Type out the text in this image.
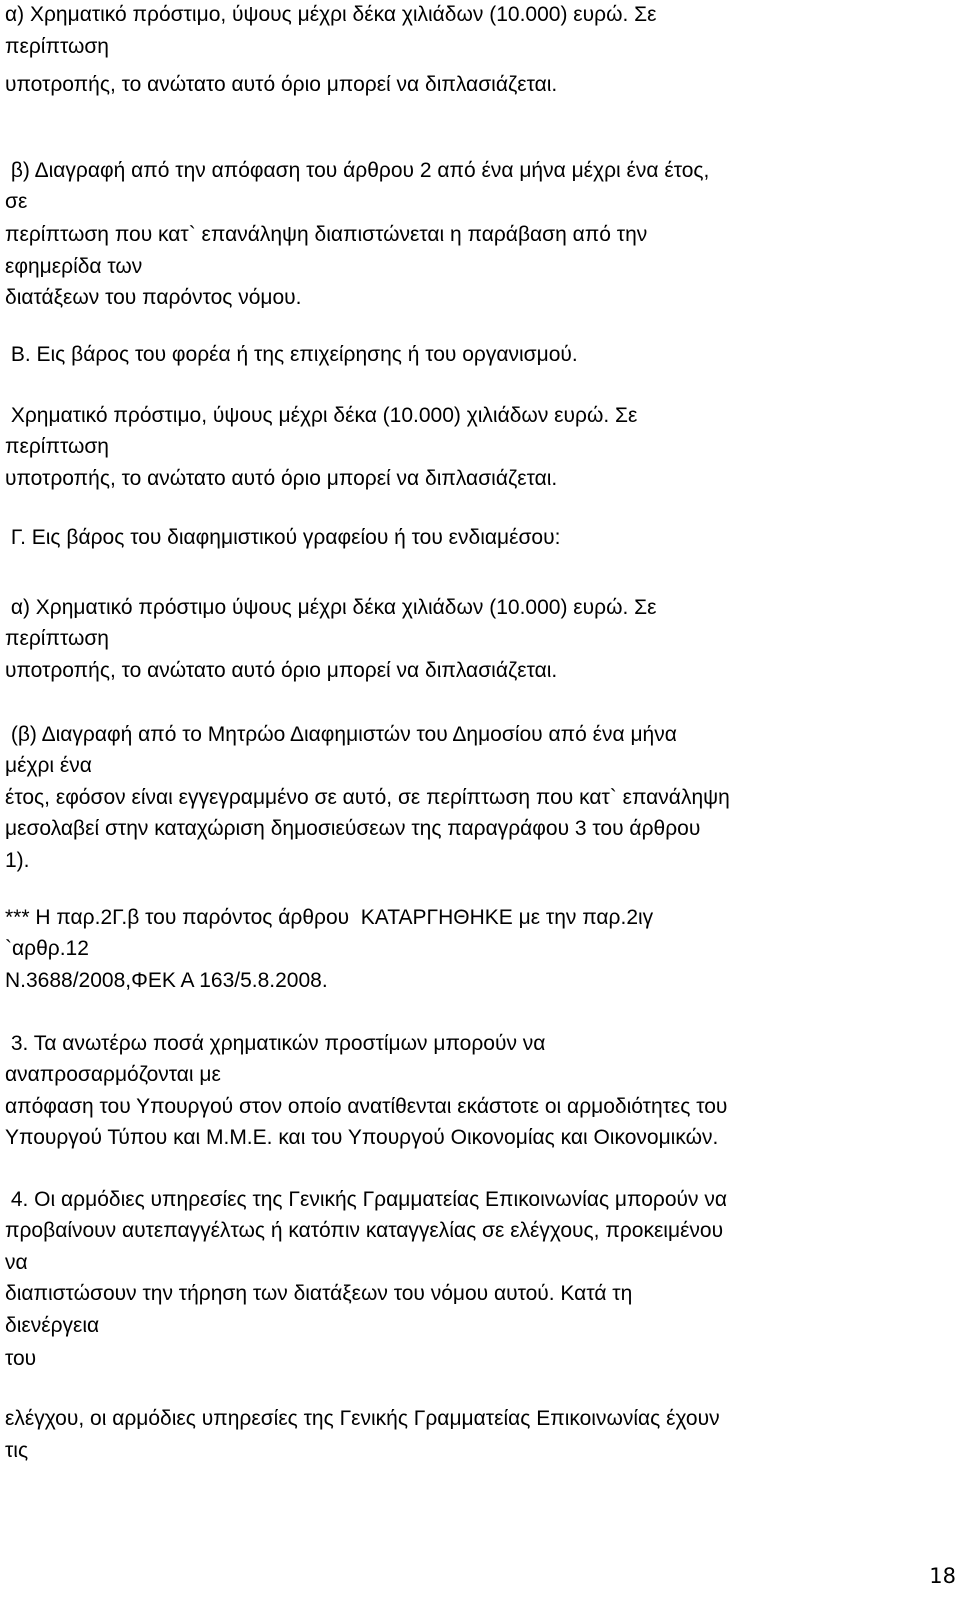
α) Χρηματικό πρόστιμο, ύψους μέχρι δέκα χιλιάδων (10.000) ευρώ. Σε

περίπτωση

υποτροπής, το ανώτατο αυτό όριο μπορεί να διπλασιάζεται.

β) Διαγραφή από την απόφαση του άρθρου 2 από ένα μήνα μέχρι ένα έτος,

σε

περίπτωση που κατ` επανάληψη διαπιστώνεται η παράβαση από την

εφημερίδα των

διατάξεων του παρόντος νόμου.

Β. Εις βάρος του φορέα ή της επιχείρησης ή του οργανισμού.

Χρηματικό πρόστιμο, ύψους μέχρι δέκα (10.000) χιλιάδων ευρώ. Σε

περίπτωση

υποτροπής, το ανώτατο αυτό όριο μπορεί να διπλασιάζεται.

Γ. Εις βάρος του διαφημιστικού γραφείου ή του ενδιαμέσου:

α) Χρηματικό πρόστιμο ύψους μέχρι δέκα χιλιάδων (10.000) ευρώ. Σε

περίπτωση

υποτροπής, το ανώτατο αυτό όριο μπορεί να διπλασιάζεται.

(β) Διαγραφή από το Μητρώο Διαφημιστών του Δημοσίου από ένα μήνα

μέχρι ένα

έτος, εφόσον είναι εγγεγραμμένο σε αυτό, σε περίπτωση που κατ` επανάληψη

μεσολαβεί στην καταχώριση δημοσιεύσεων της παραγράφου 3 του άρθρου

1).

*** Η παρ.2Γ.β του παρόντος άρθρου  ΚΑΤΑΡΓΗΘΗΚΕ με την παρ.2ιγ

`αρθρ.12

Ν.3688/2008,ΦΕΚ Α 163/5.8.2008.

3. Τα ανωτέρω ποσά χρηματικών προστίμων μπορούν να

αναπροσαρμόζονται με

απόφαση του Υπουργού στον οποίο ανατίθενται εκάστοτε οι αρμοδιότητες του

Υπουργού Τύπου και Μ.Μ.Ε. και του Υπουργού Οικονομίας και Οικονομικών.

4. Οι αρμόδιες υπηρεσίες της Γενικής Γραμματείας Επικοινωνίας μπορούν να

προβαίνουν αυτεπαγγέλτως ή κατόπιν καταγγελίας σε ελέγχους, προκειμένου

να

διαπιστώσουν την τήρηση των διατάξεων του νόμου αυτού. Κατά τη

διενέργεια

του

ελέγχου, οι αρμόδιες υπηρεσίες της Γενικής Γραμματείας Επικοινωνίας έχουν

τις

18
